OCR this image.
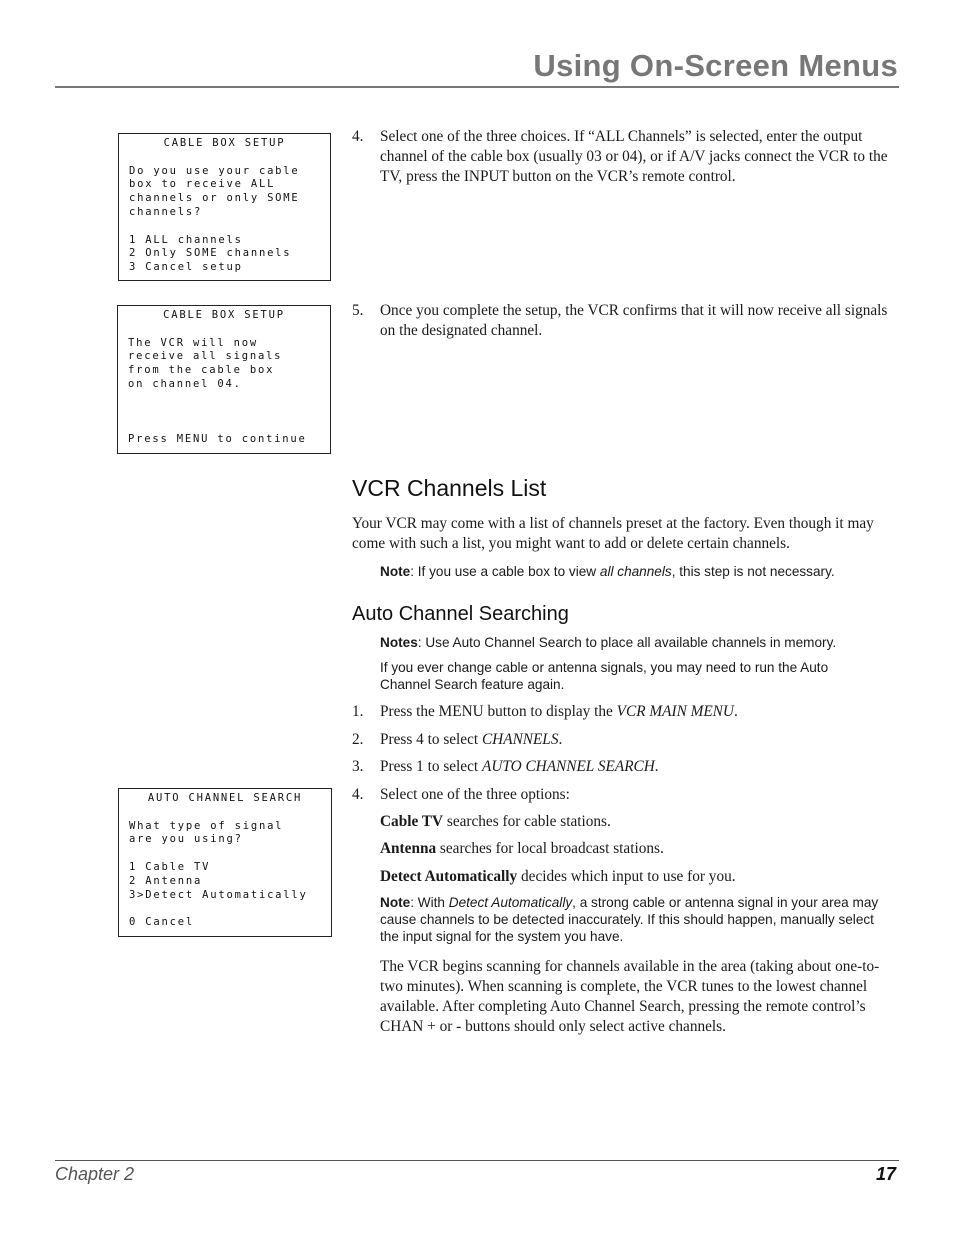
Using On-Screen Menus
CABLE BOX SETUP

Do you use your cable
box to receive ALL
channels or only SOME
channels?

1 ALL channels
2 Only SOME channels
3 Cancel setup
4. Select one of the three choices. If “ALL Channels” is selected, enter the output channel of the cable box (usually 03 or 04), or if A/V jacks connect the VCR to the TV, press the INPUT button on the VCR’s remote control.
CABLE BOX SETUP

The VCR will now
receive all signals
from the cable box
on channel 04.

Press MENU to continue
5. Once you complete the setup, the VCR confirms that it will now receive all signals on the designated channel.
VCR Channels List

Your VCR may come with a list of channels preset at the factory. Even though it may come with such a list, you might want to add or delete certain channels.

Note: If you use a cable box to view all channels, this step is not necessary.

Auto Channel Searching

Notes: Use Auto Channel Search to place all available channels in memory.

If you ever change cable or antenna signals, you may need to run the Auto Channel Search feature again.

1. Press the MENU button to display the VCR MAIN MENU.
2. Press 4 to select CHANNELS.
3. Press 1 to select AUTO CHANNEL SEARCH.
4. Select one of the three options:
AUTO CHANNEL SEARCH

What type of signal
are you using?

1 Cable TV
2 Antenna
3>Detect Automatically

0 Cancel

Cable TV searches for cable stations.

Antenna searches for local broadcast stations.

Detect Automatically decides which input to use for you.

Note: With Detect Automatically, a strong cable or antenna signal in your area may cause channels to be detected inaccurately. If this should happen, manually select the input signal for the system you have.

The VCR begins scanning for channels available in the area (taking about one-to-two minutes). When scanning is complete, the VCR tunes to the lowest channel available. After completing Auto Channel Search, pressing the remote control’s CHAN + or - buttons should only select active channels.

Chapter 2	17
